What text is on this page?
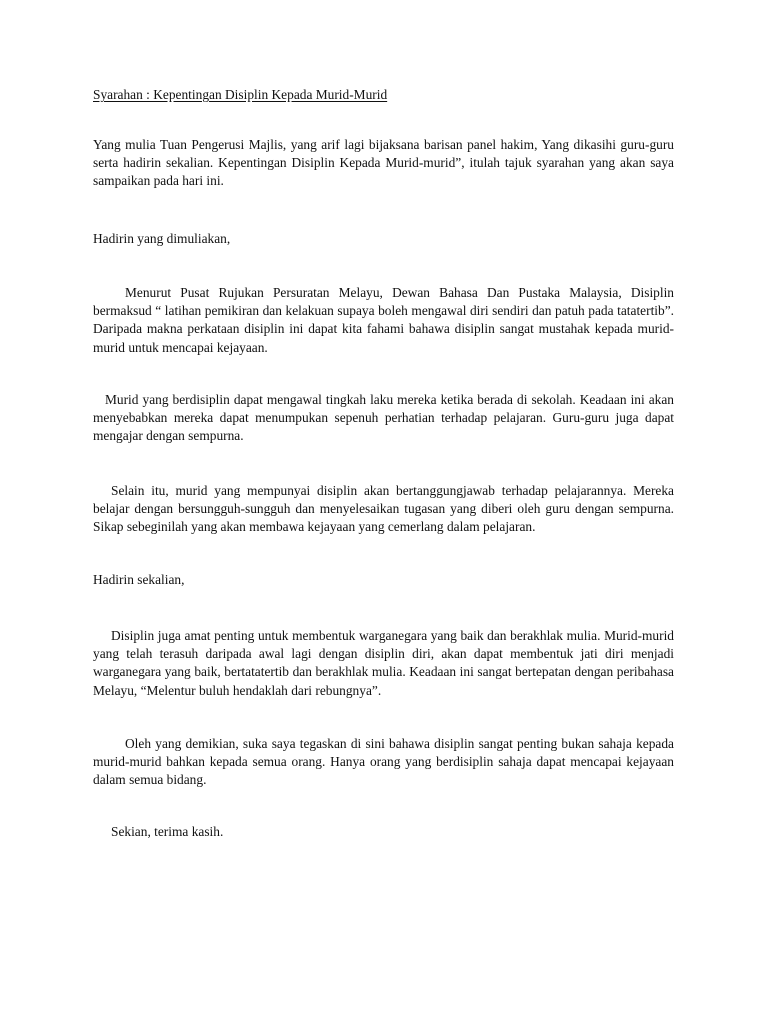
Syarahan : Kepentingan Disiplin Kepada Murid-Murid

Yang mulia Tuan Pengerusi Majlis, yang arif lagi bijaksana barisan panel hakim, Yang dikasihi guru-guru serta hadirin sekalian. Kepentingan Disiplin Kepada Murid-murid”, itulah tajuk syarahan yang akan saya sampaikan pada hari ini.

Hadirin yang dimuliakan,

Menurut Pusat Rujukan Persuratan Melayu, Dewan Bahasa Dan Pustaka Malaysia, Disiplin bermaksud “ latihan pemikiran dan kelakuan supaya boleh mengawal diri sendiri dan patuh pada tatatertib”. Daripada makna perkataan disiplin ini dapat kita fahami bahawa disiplin sangat mustahak kepada murid-murid untuk mencapai kejayaan.

Murid yang berdisiplin dapat mengawal tingkah laku mereka ketika berada di sekolah. Keadaan ini akan menyebabkan mereka dapat menumpukan sepenuh perhatian terhadap pelajaran. Guru-guru juga dapat mengajar dengan sempurna.

Selain itu, murid yang mempunyai disiplin akan bertanggungjawab terhadap pelajarannya. Mereka belajar dengan bersungguh-sungguh dan menyelesaikan tugasan yang diberi oleh guru dengan sempurna. Sikap sebeginilah yang akan membawa kejayaan yang cemerlang dalam pelajaran.

Hadirin sekalian,

Disiplin juga amat penting untuk membentuk warganegara yang baik dan berakhlak mulia. Murid-murid yang telah terasuh daripada awal lagi dengan disiplin diri, akan dapat membentuk jati diri menjadi warganegara yang baik, bertatatertib dan berakhlak mulia. Keadaan ini sangat bertepatan dengan peribahasa Melayu, “Melentur buluh hendaklah dari rebungnya”.

Oleh yang demikian, suka saya tegaskan di sini bahawa disiplin sangat penting bukan sahaja kepada murid-murid bahkan kepada semua orang. Hanya orang yang berdisiplin sahaja dapat mencapai kejayaan dalam semua bidang.

Sekian, terima kasih.
